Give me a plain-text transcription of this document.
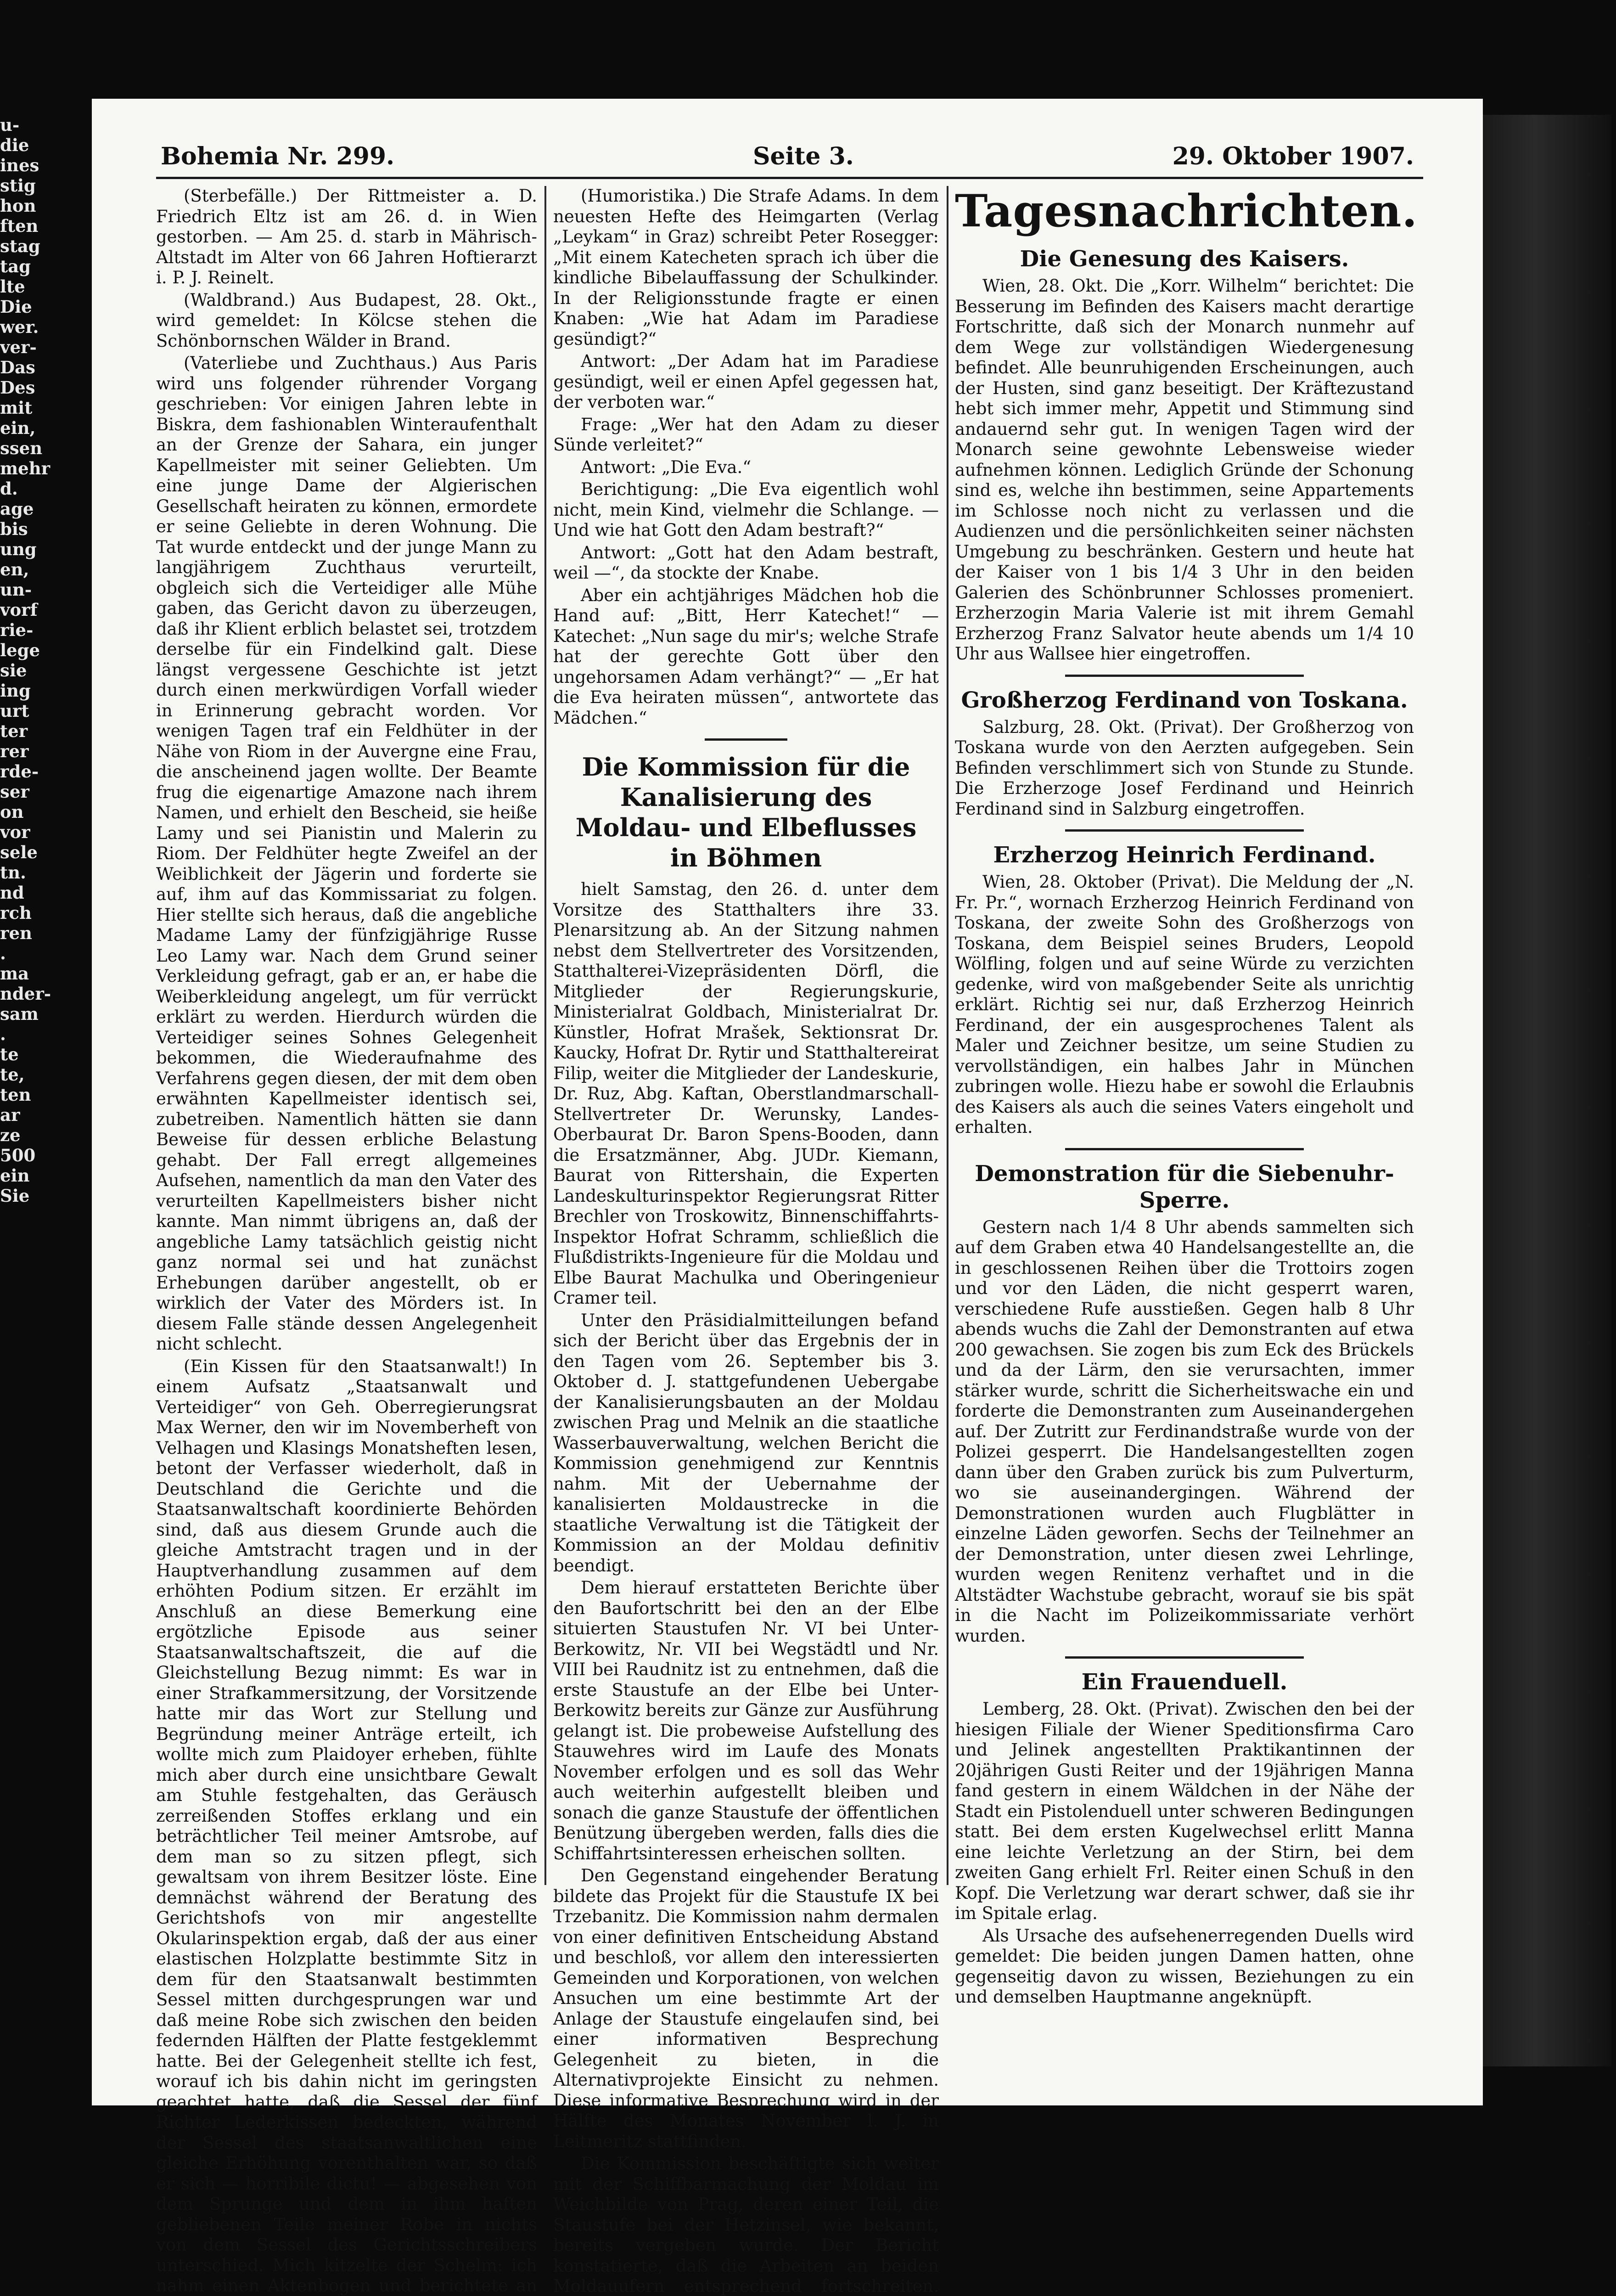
u-
die
ines
stig
hon
ften
stag
tag
lte
Die
wer.
ver-
Das
Des
mit
ein,
ssen
mehr
d.
age
bis
ung
en,
un-
vorf
rie-
lege
sie
ing
urt
ter
rer
rde-
ser
on
vor
sele
tn.
nd
rch
ren
.
ma
nder-
sam
.
te
te,
ten
ar
ze
500
ein
Sie
Bohemia Nr. 299.	Seite 3.	29. Oktober 1907.

(Sterbefälle.) Der Rittmeister a. D. Friedrich Eltz ist am 26. d. in Wien gestorben. — Am 25. d. starb in Mährisch-Altstadt im Alter von 66 Jahren Hoftierarzt i. P. J. Reinelt.

(Waldbrand.) Aus Budapest, 28. Okt., wird gemeldet: In Kölcse stehen die Schönbornschen Wälder in Brand.

(Vaterliebe und Zuchthaus.) Aus Paris wird uns folgender rührender Vorgang geschrieben: Vor einigen Jahren lebte in Biskra, dem fashionablen Winteraufenthalt an der Grenze der Sahara, ein junger Kapellmeister mit seiner Geliebten. Um eine junge Dame der Algierischen Gesellschaft heiraten zu können, ermordete er seine Geliebte in deren Wohnung. Die Tat wurde entdeckt und der junge Mann zu langjährigem Zuchthaus verurteilt, obgleich sich die Verteidiger alle Mühe gaben, das Gericht davon zu überzeugen, daß ihr Klient erblich belastet sei, trotzdem derselbe für ein Findelkind galt. Diese längst vergessene Geschichte ist jetzt durch einen merkwürdigen Vorfall wieder in Erinnerung gebracht worden. Vor wenigen Tagen traf ein Feldhüter in der Nähe von Riom in der Auvergne eine Frau, die anscheinend jagen wollte. Der Beamte frug die eigenartige Amazone nach ihrem Namen, und erhielt den Bescheid, sie heiße Lamy und sei Pianistin und Malerin zu Riom. Der Feldhüter hegte Zweifel an der Weiblichkeit der Jägerin und forderte sie auf, ihm auf das Kommissariat zu folgen. Hier stellte sich heraus, daß die angebliche Madame Lamy der fünfzigjährige Russe Leo Lamy war. Nach dem Grund seiner Verkleidung gefragt, gab er an, er habe die Weiberkleidung angelegt, um für verrückt erklärt zu werden. Hierdurch würden die Verteidiger seines Sohnes Gelegenheit bekommen, die Wiederaufnahme des Verfahrens gegen diesen, der mit dem oben erwähnten Kapellmeister identisch sei, zubetreiben. Namentlich hätten sie dann Beweise für dessen erbliche Belastung gehabt. Der Fall erregt allgemeines Aufsehen, namentlich da man den Vater des verurteilten Kapellmeisters bisher nicht kannte. Man nimmt übrigens an, daß der angebliche Lamy tatsächlich geistig nicht ganz normal sei und hat zunächst Erhebungen darüber angestellt, ob er wirklich der Vater des Mörders ist. In diesem Falle stände dessen Angelegenheit nicht schlecht.

(Ein Kissen für den Staatsanwalt!) In einem Aufsatz „Staatsanwalt und Verteidiger“ von Geh. Oberregierungsrat Max Werner, den wir im Novemberheft von Velhagen und Klasings Monatsheften lesen, betont der Verfasser wiederholt, daß in Deutschland die Gerichte und die Staatsanwaltschaft koordinierte Behörden sind, daß aus diesem Grunde auch die gleiche Amtstracht tragen und in der Hauptverhandlung zusammen auf dem erhöhten Podium sitzen. Er erzählt im Anschluß an diese Bemerkung eine ergötzliche Episode aus seiner Staatsanwaltschaftszeit, die auf die Gleichstellung Bezug nimmt: Es war in einer Strafkammersitzung, der Vorsitzende hatte mir das Wort zur Stellung und Begründung meiner Anträge erteilt, ich wollte mich zum Plaidoyer erheben, fühlte mich aber durch eine unsichtbare Gewalt am Stuhle festgehalten, das Geräusch zerreißenden Stoffes erklang und ein beträchtlicher Teil meiner Amtsrobe, auf dem man so zu sitzen pflegt, sich gewaltsam von ihrem Besitzer löste. Eine demnächst während der Beratung des Gerichtshofs von mir angestellte Okularinspektion ergab, daß der aus einer elastischen Holzplatte bestimmte Sitz in dem für den Staatsanwalt bestimmten Sessel mitten durchgesprungen war und daß meine Robe sich zwischen den beiden federnden Hälften der Platte festgeklemmt hatte. Bei der Gelegenheit stellte ich fest, worauf ich bis dahin nicht im geringsten geachtet hatte, daß die Sessel der fünf Richter Lederkissen bedeckten, während der Sessel des staatsanwaltlichen eine gleiche Erhöhung vorenthalten war, so daß er sich — horribile dictu! — abgesehen von dem Sprunge und dem in ihm haften gebliebenen Teile meiner Robe in nichts von dem Sessel des Gerichtsschreibers unterschied. Mich kitzelte der Schelm: ich nahm einen Aktenbogen und berichtete an

(Humoristika.) Die Strafe Adams. In dem neuesten Hefte des Heimgarten (Verlag „Leykam“ in Graz) schreibt Peter Rosegger: „Mit einem Katecheten sprach ich über die kindliche Bibelauffassung der Schulkinder. In der Religionsstunde fragte er einen Knaben: „Wie hat Adam im Paradiese gesündigt?“

Antwort: „Der Adam hat im Paradiese gesündigt, weil er einen Apfel gegessen hat, der verboten war.“

Frage: „Wer hat den Adam zu dieser Sünde verleitet?“

Antwort: „Die Eva.“

Berichtigung: „Die Eva eigentlich wohl nicht, mein Kind, vielmehr die Schlange. — Und wie hat Gott den Adam bestraft?“

Antwort: „Gott hat den Adam bestraft, weil —“, da stockte der Knabe.

Aber ein achtjähriges Mädchen hob die Hand auf: „Bitt, Herr Katechet!“ — Katechet: „Nun sage du mir's; welche Strafe hat der gerechte Gott über den ungehorsamen Adam verhängt?“ — „Er hat die Eva heiraten müssen“, antwortete das Mädchen.“

Die Kommission für die Kanalisierung des Moldau- und Elbeflusses in Böhmen

hielt Samstag, den 26. d. unter dem Vorsitze des Statthalters ihre 33. Plenarsitzung ab. An der Sitzung nahmen nebst dem Stellvertreter des Vorsitzenden, Statthalterei-Vizepräsidenten Dörfl, die Mitglieder der Regierungskurie, Ministerialrat Goldbach, Ministerialrat Dr. Künstler, Hofrat Mrašek, Sektionsrat Dr. Kaucky, Hofrat Dr. Rytir und Statthaltereirat Filip, weiter die Mitglieder der Landeskurie, Dr. Ruz, Abg. Kaftan, Oberstlandmarschall-Stellvertreter Dr. Werunsky, Landes-Oberbaurat Dr. Baron Spens-Booden, dann die Ersatzmänner, Abg. JUDr. Kiemann, Baurat von Rittershain, die Experten Landeskulturinspektor Regierungsrat Ritter Brechler von Troskowitz, Binnenschiffahrts-Inspektor Hofrat Schramm, schließlich die Flußdistrikts-Ingenieure für die Moldau und Elbe Baurat Machulka und Oberingenieur Cramer teil.

Unter den Präsidialmitteilungen befand sich der Bericht über das Ergebnis der in den Tagen vom 26. September bis 3. Oktober d. J. stattgefundenen Uebergabe der Kanalisierungsbauten an der Moldau zwischen Prag und Melnik an die staatliche Wasserbauverwaltung, welchen Bericht die Kommission genehmigend zur Kenntnis nahm. Mit der Uebernahme der kanalisierten Moldaustrecke in die staatliche Verwaltung ist die Tätigkeit der Kommission an der Moldau definitiv beendigt.

Dem hierauf erstatteten Berichte über den Baufortschritt bei den an der Elbe situierten Staustufen Nr. VI bei Unter-Berkowitz, Nr. VII bei Wegstädtl und Nr. VIII bei Raudnitz ist zu entnehmen, daß die erste Staustufe an der Elbe bei Unter-Berkowitz bereits zur Gänze zur Ausführung gelangt ist. Die probeweise Aufstellung des Stauwehres wird im Laufe des Monats November erfolgen und es soll das Wehr auch weiterhin aufgestellt bleiben und sonach die ganze Staustufe der öffentlichen Benützung übergeben werden, falls dies die Schiffahrtsinteressen erheischen sollten.

Den Gegenstand eingehender Beratung bildete das Projekt für die Staustufe IX bei Trzebanitz. Die Kommission nahm dermalen von einer definitiven Entscheidung Abstand und beschloß, vor allem den interessierten Gemeinden und Korporationen, von welchen Ansuchen um eine bestimmte Art der Anlage der Staustufe eingelaufen sind, bei einer informativen Besprechung Gelegenheit zu bieten, in die Alternativprojekte Einsicht zu nehmen. Diese informative Besprechung wird in der Hälfte des Monates November l. J. in Leitmeritz stattfinden.

Die Kommission beschäftigte sich weiter mit der Schiffbarmachung der Moldau im Weichbilde von Prag, deren einer Teil, die Staustufe bei der Hetzinsel, wie bekannt, bereits vergeben wurde. Der Bericht konstatierte, daß die Arbeiten an beiden Moldauufern entsprechend fortschreiten.

Tagesnachrichten.
Die Genesung des Kaisers.

Wien, 28. Okt. Die „Korr. Wilhelm“ berichtet: Die Besserung im Befinden des Kaisers macht derartige Fortschritte, daß sich der Monarch nunmehr auf dem Wege zur vollständigen Wiedergenesung befindet. Alle beunruhigenden Erscheinungen, auch der Husten, sind ganz beseitigt. Der Kräftezustand hebt sich immer mehr, Appetit und Stimmung sind andauernd sehr gut. In wenigen Tagen wird der Monarch seine gewohnte Lebensweise wieder aufnehmen können. Lediglich Gründe der Schonung sind es, welche ihn bestimmen, seine Appartements im Schlosse noch nicht zu verlassen und die Audienzen und die persönlichkeiten seiner nächsten Umgebung zu beschränken. Gestern und heute hat der Kaiser von 1 bis 1/4 3 Uhr in den beiden Galerien des Schönbrunner Schlosses promeniert. Erzherzogin Maria Valerie ist mit ihrem Gemahl Erzherzog Franz Salvator heute abends um 1/4 10 Uhr aus Wallsee hier eingetroffen.

Großherzog Ferdinand von Toskana.

Salzburg, 28. Okt. (Privat). Der Großherzog von Toskana wurde von den Aerzten aufgegeben. Sein Befinden verschlimmert sich von Stunde zu Stunde. Die Erzherzoge Josef Ferdinand und Heinrich Ferdinand sind in Salzburg eingetroffen.

Erzherzog Heinrich Ferdinand.

Wien, 28. Oktober (Privat). Die Meldung der „N. Fr. Pr.“, wornach Erzherzog Heinrich Ferdinand von Toskana, der zweite Sohn des Großherzogs von Toskana, dem Beispiel seines Bruders, Leopold Wölfling, folgen und auf seine Würde zu verzichten gedenke, wird von maßgebender Seite als unrichtig erklärt. Richtig sei nur, daß Erzherzog Heinrich Ferdinand, der ein ausgesprochenes Talent als Maler und Zeichner besitze, um seine Studien zu vervollständigen, ein halbes Jahr in München zubringen wolle. Hiezu habe er sowohl die Erlaubnis des Kaisers als auch die seines Vaters eingeholt und erhalten.

Demonstration für die Siebenuhr-Sperre.

Gestern nach 1/4 8 Uhr abends sammelten sich auf dem Graben etwa 40 Handelsangestellte an, die in geschlossenen Reihen über die Trottoirs zogen und vor den Läden, die nicht gesperrt waren, verschiedene Rufe ausstießen. Gegen halb 8 Uhr abends wuchs die Zahl der Demonstranten auf etwa 200 gewachsen. Sie zogen bis zum Eck des Brückels und da der Lärm, den sie verursachten, immer stärker wurde, schritt die Sicherheitswache ein und forderte die Demonstranten zum Auseinandergehen auf. Der Zutritt zur Ferdinandstraße wurde von der Polizei gesperrt. Die Handelsangestellten zogen dann über den Graben zurück bis zum Pulverturm, wo sie auseinandergingen. Während der Demonstrationen wurden auch Flugblätter in einzelne Läden geworfen. Sechs der Teilnehmer an der Demonstration, unter diesen zwei Lehrlinge, wurden wegen Renitenz verhaftet und in die Altstädter Wachstube gebracht, worauf sie bis spät in die Nacht im Polizeikommissariate verhört wurden.

Ein Frauenduell.

Lemberg, 28. Okt. (Privat). Zwischen den bei der hiesigen Filiale der Wiener Speditionsfirma Caro und Jelinek angestellten Praktikantinnen der 20jährigen Gusti Reiter und der 19jährigen Manna fand gestern in einem Wäldchen in der Nähe der Stadt ein Pistolenduell unter schweren Bedingungen statt. Bei dem ersten Kugelwechsel erlitt Manna eine leichte Verletzung an der Stirn, bei dem zweiten Gang erhielt Frl. Reiter einen Schuß in den Kopf. Die Verletzung war derart schwer, daß sie ihr im Spitale erlag.

Als Ursache des aufsehenerregenden Duells wird gemeldet: Die beiden jungen Damen hatten, ohne gegenseitig davon zu wissen, Beziehungen zu ein und demselben Hauptmanne angeknüpft.
